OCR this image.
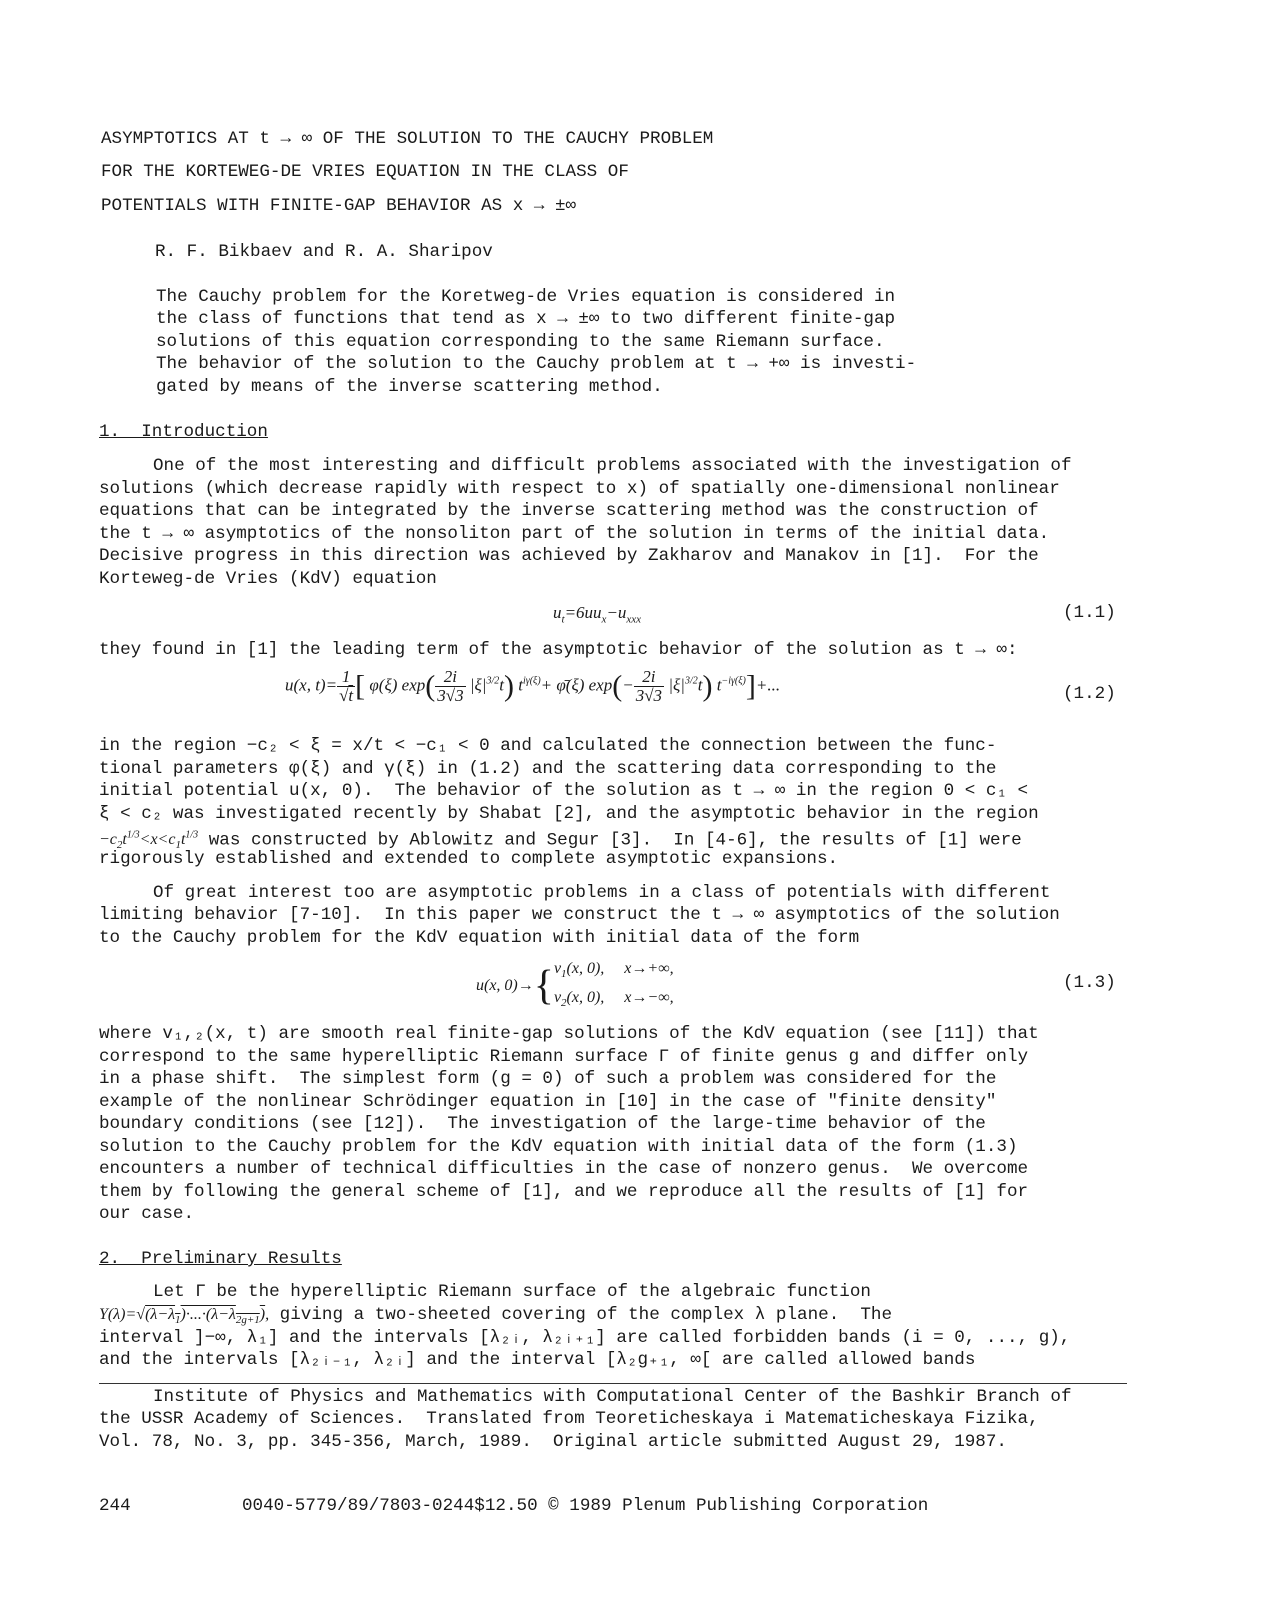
ASYMPTOTICS AT t → ∞ OF THE SOLUTION TO THE CAUCHY PROBLEM
FOR THE KORTEWEG-DE VRIES EQUATION IN THE CLASS OF
POTENTIALS WITH FINITE-GAP BEHAVIOR AS x → ±∞
R. F. Bikbaev and R. A. Sharipov
The Cauchy problem for the Koretweg-de Vries equation is considered in
the class of functions that tend as x → ±∞ to two different finite-gap
solutions of this equation corresponding to the same Riemann surface.
The behavior of the solution to the Cauchy problem at t → +∞ is investi-
gated by means of the inverse scattering method.
1.  Introduction
One of the most interesting and difficult problems associated with the investigation of
solutions (which decrease rapidly with respect to x) of spatially one-dimensional nonlinear
equations that can be integrated by the inverse scattering method was the construction of
the t → ∞ asymptotics of the nonsoliton part of the solution in terms of the initial data.
Decisive progress in this direction was achieved by Zakharov and Manakov in [1].  For the
Korteweg-de Vries (KdV) equation
$u_t=6uu_x-u_{xxx}$	(1.1)
they found in [1] the leading term of the asymptotic behavior of the solution as t → ∞:
u(x, $t)= \frac{1}{√t}$ [ φ(ξ) $\exp( \frac{2i}{3√3} |\xi|^{3/2}t)$ $t^{i\gamma(\xi)}+$ φ̄(ξ) $\exp(- \frac{2i}{3√3} |\xi|^{3/2}t)$ $t^{-i\gamma(\xi)}]+$...	(1.2)
in the region −c₂ < ξ = x/t < −c₁ < 0 and calculated the connection between the func-
tional parameters φ(ξ) and γ(ξ) in (1.2) and the scattering data corresponding to the
initial potential u(x, 0).  The behavior of the solution as t → ∞ in the region 0 < c₁ <
ξ < c₂ was investigated recently by Shabat [2], and the asymptotic behavior in the region
$-c_2t^{1/3}<x<c_1t^{1/3}$ was constructed by Ablowitz and Segur [3].  In [4-6], the results of [1] were
rigorously established and extended to complete asymptotic expansions.
Of great interest too are asymptotic problems in a class of potentials with different
limiting behavior [7-10].  In this paper we construct the t → ∞ asymptotics of the solution
to the Cauchy problem for the KdV equation with initial data of the form
u(x, 0)→{ $v_1(x$, 0),     x→+∞,
$v_2(x$, 0),     x→−∞,
(1.3)
where v₁,₂(x, t) are smooth real finite-gap solutions of the KdV equation (see [11]) that
correspond to the same hyperelliptic Riemann surface Γ of finite genus g and differ only
in a phase shift.  The simplest form (g = 0) of such a problem was considered for the
example of the nonlinear Schrödinger equation in [10] in the case of "finite density"
boundary conditions (see [12]).  The investigation of the large-time behavior of the
solution to the Cauchy problem for the KdV equation with initial data of the form (1.3)
encounters a number of technical difficulties in the case of nonzero genus.  We overcome
them by following the general scheme of [1], and we reproduce all the results of [1] for
our case.
2.  Preliminary Results
Let Γ be the hyperelliptic Riemann surface of the algebraic function
$Y(\lambda)=√(\lambda-\lambda_1)\cdot...\cdot(\lambda-\lambda_{2g+1})$, giving a two-sheeted covering of the complex λ plane.  The
interval ]−∞, λ₁] and the intervals [λ₂ᵢ, λ₂ᵢ₊₁] are called forbidden bands (i = 0, ..., g),
and the intervals [λ₂ᵢ₋₁, λ₂ᵢ] and the interval [λ₂g₊₁, ∞[ are called allowed bands
Institute of Physics and Mathematics with Computational Center of the Bashkir Branch of
the USSR Academy of Sciences.  Translated from Teoreticheskaya i Matematicheskaya Fizika,
Vol. 78, No. 3, pp. 345-356, March, 1989.  Original article submitted August 29, 1987.
244	0040-5779/89/7803-0244$12.50 © 1989 Plenum Publishing Corporation
